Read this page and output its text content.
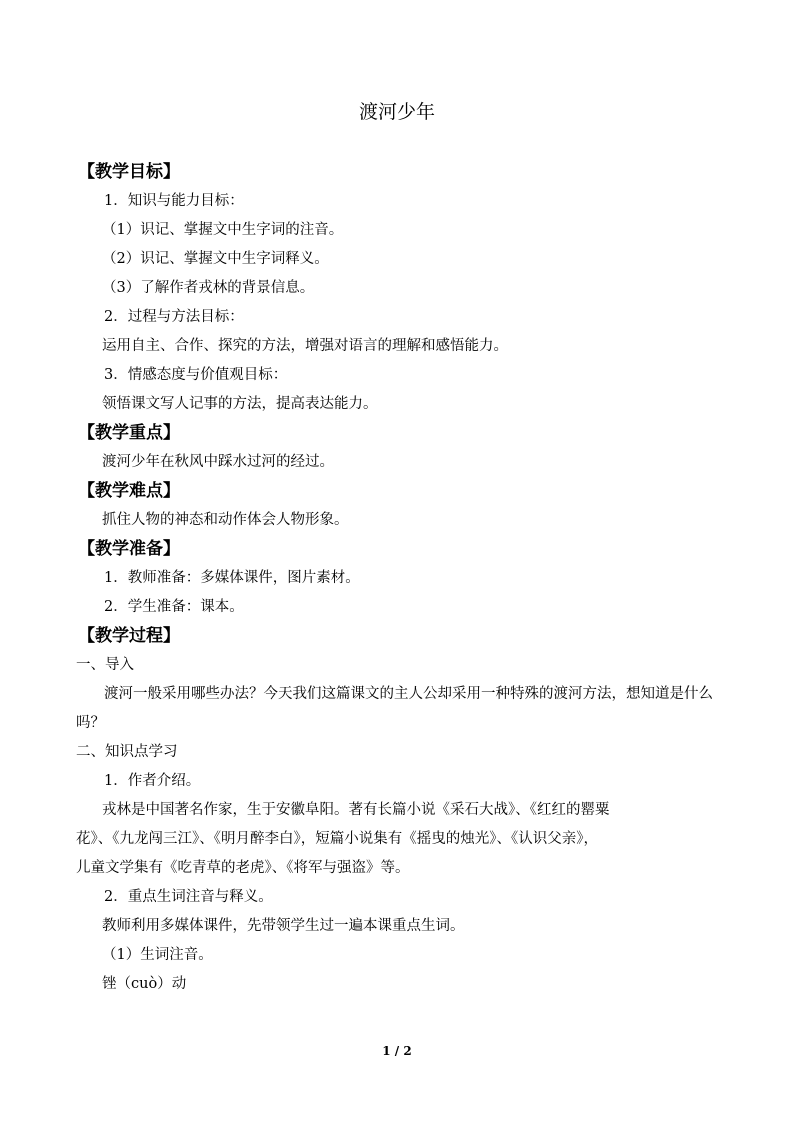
渡河少年
【教学目标】
1．知识与能力目标：
（1）识记、掌握文中生字词的注音。
（2）识记、掌握文中生字词释义。
（3）了解作者戎林的背景信息。
2．过程与方法目标：
运用自主、合作、探究的方法，增强对语言的理解和感悟能力。
3．情感态度与价值观目标：
领悟课文写人记事的方法，提高表达能力。
【教学重点】
渡河少年在秋风中踩水过河的经过。
【教学难点】
抓住人物的神态和动作体会人物形象。
【教学准备】
1．教师准备：多媒体课件，图片素材。
2．学生准备：课本。
【教学过程】
一、导入
渡河一般采用哪些办法？今天我们这篇课文的主人公却采用一种特殊的渡河方法，想知道是什么吗？
二、知识点学习
1．作者介绍。
戎林是中国著名作家，生于安徽阜阳。著有长篇小说《采石大战》、《红红的罂粟
花》、《九龙闯三江》、《明月醉李白》，短篇小说集有《摇曳的烛光》、《认识父亲》，
儿童文学集有《吃青草的老虎》、《将军与强盗》等。
2．重点生词注音与释义。
教师利用多媒体课件，先带领学生过一遍本课重点生词。
（1）生词注音。
锉（cuò）动
1 / 2
